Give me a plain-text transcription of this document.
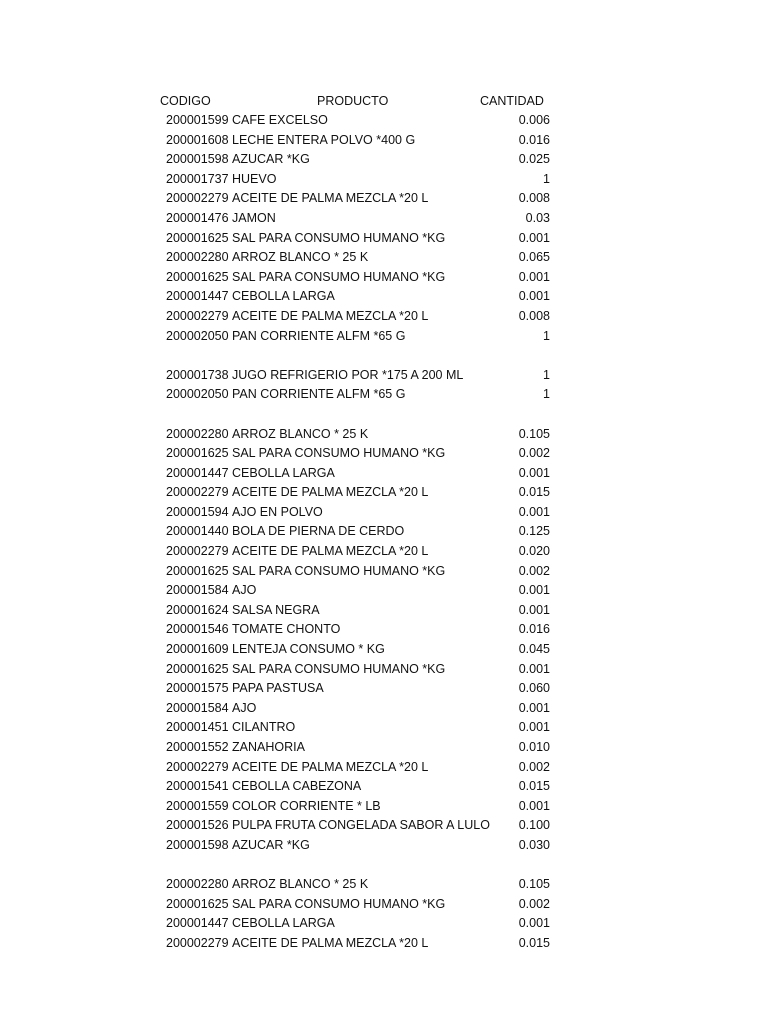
CODIGO	PRODUCTO	CANTIDAD
200001599 CAFE EXCELSO	0.006
200001608 LECHE ENTERA POLVO *400 G	0.016
200001598 AZUCAR *KG	0.025
200001737 HUEVO	1
200002279 ACEITE DE PALMA MEZCLA *20 L	0.008
200001476 JAMON	0.03
200001625 SAL PARA CONSUMO HUMANO *KG	0.001
200002280 ARROZ BLANCO * 25 K	0.065
200001625 SAL PARA CONSUMO HUMANO *KG	0.001
200001447 CEBOLLA LARGA	0.001
200002279 ACEITE DE PALMA MEZCLA *20 L	0.008
200002050 PAN CORRIENTE ALFM *65 G	1
200001738 JUGO REFRIGERIO POR *175 A 200 ML	1
200002050 PAN CORRIENTE ALFM *65 G	1
200002280 ARROZ BLANCO * 25 K	0.105
200001625 SAL PARA CONSUMO HUMANO *KG	0.002
200001447 CEBOLLA LARGA	0.001
200002279 ACEITE DE PALMA MEZCLA *20 L	0.015
200001594 AJO EN POLVO	0.001
200001440 BOLA DE PIERNA DE CERDO	0.125
200002279 ACEITE DE PALMA MEZCLA *20 L	0.020
200001625 SAL PARA CONSUMO HUMANO *KG	0.002
200001584 AJO	0.001
200001624 SALSA NEGRA	0.001
200001546 TOMATE CHONTO	0.016
200001609 LENTEJA CONSUMO * KG	0.045
200001625 SAL PARA CONSUMO HUMANO *KG	0.001
200001575 PAPA PASTUSA	0.060
200001584 AJO	0.001
200001451 CILANTRO	0.001
200001552 ZANAHORIA	0.010
200002279 ACEITE DE PALMA MEZCLA *20 L	0.002
200001541 CEBOLLA CABEZONA	0.015
200001559 COLOR CORRIENTE * LB	0.001
200001526 PULPA FRUTA CONGELADA SABOR A LULO 0.100
200001598 AZUCAR *KG	0.030
200002280 ARROZ BLANCO * 25 K	0.105
200001625 SAL PARA CONSUMO HUMANO *KG	0.002
200001447 CEBOLLA LARGA	0.001
200002279 ACEITE DE PALMA MEZCLA *20 L	0.015
